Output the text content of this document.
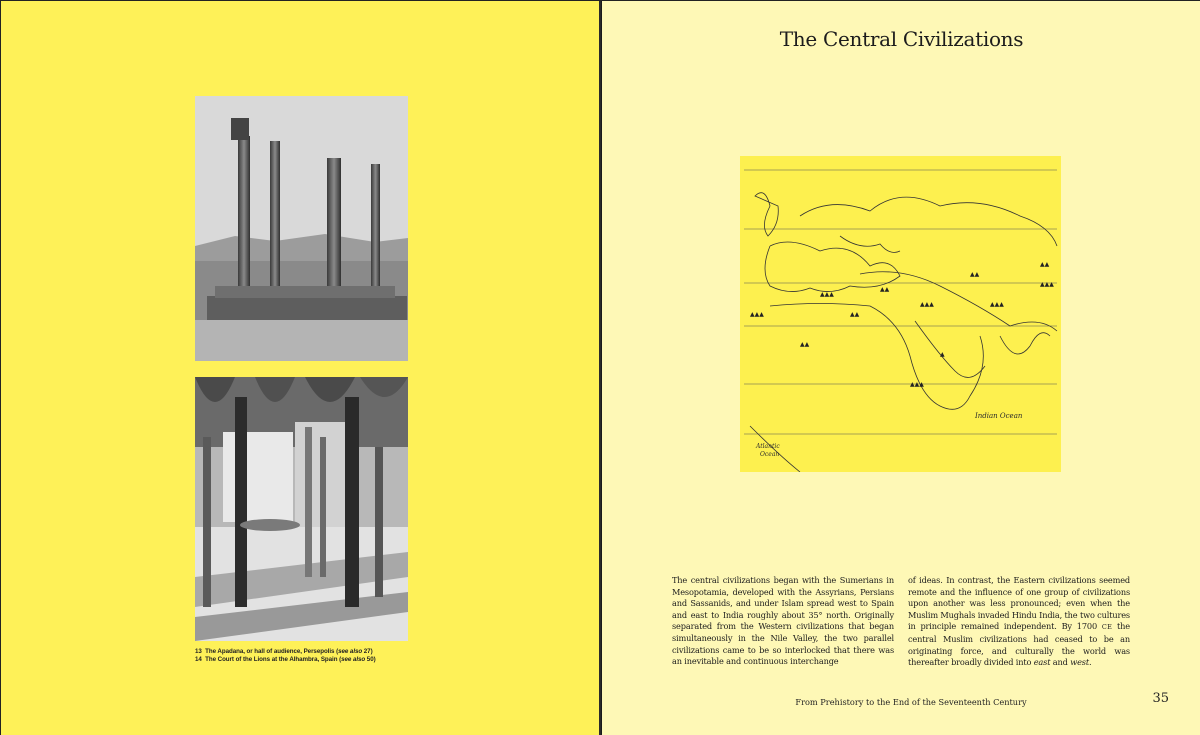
13 The Apadana, or hall of audience, Persepolis (see also 27)
14 The Court of the Lions at the Alhambra, Spain (see also 50)
The Central Civilizations
▲▲▲
▲▲
▲▲▲
▲▲
▲▲▲
▲▲▲
▲▲
▲▲▲
▲▲▲	▲▲
▲▲
▲
Indian Ocean
Atlantic
Ocean
The central civilizations began with the Sumerians in Mesopotamia, developed with the Assyrians, Persians and Sassanids, and under Islam spread west to Spain and east to India roughly about 35° north. Originally separated from the Western civilizations that began simultaneously in the Nile Valley, the two parallel civilizations came to be so interlocked that there was an inevitable and continuous interchange
of ideas. In contrast, the Eastern civilizations seemed remote and the influence of one group of civilizations upon another was less pronounced; even when the Muslim Mughals invaded Hindu India, the two cultures in principle remained independent. By 1700 CE the central Muslim civilizations had ceased to be an originating force, and culturally the world was thereafter broadly divided into east and west.
From Prehistory to the End of the Seventeenth Century	35
